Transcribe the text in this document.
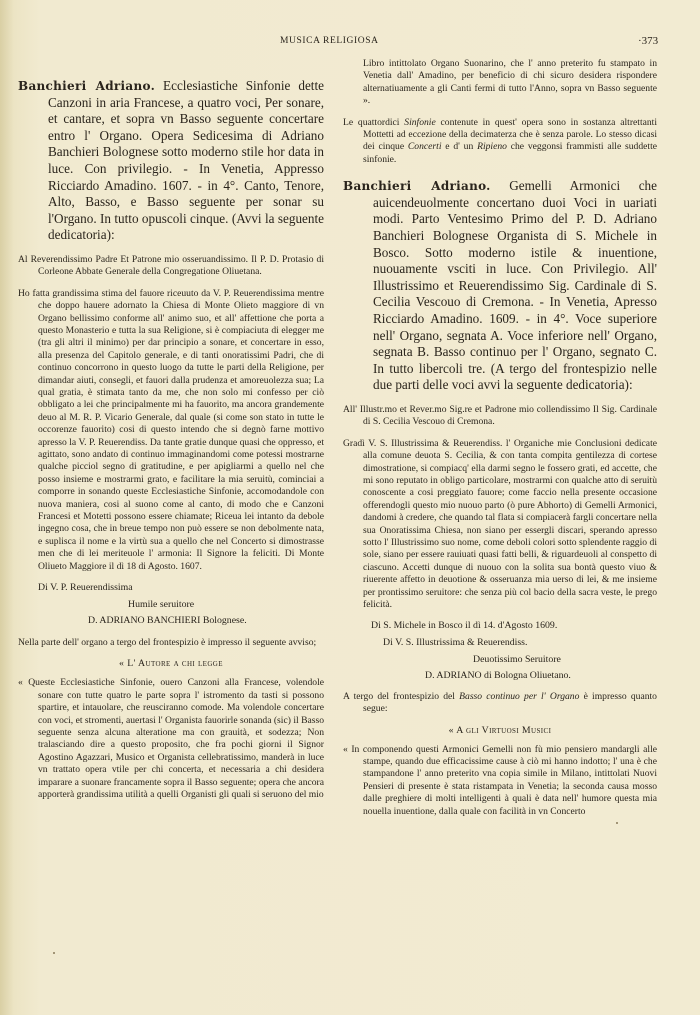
MUSICA RELIGIOSA	·373

Banchieri Adriano. Ecclesiastiche Sinfonie dette Canzoni in aria Francese, a quatro voci, Per sonare, et cantare, et sopra vn Basso seguente concertare entro l' Organo. Opera Sedicesima di Adriano Banchieri Bolognese sotto moderno stile hor data in luce. Con privilegio. - In Venetia, Appresso Ricciardo Amadino. 1607. - in 4°. Canto, Tenore, Alto, Basso, e Basso seguente per sonar su l'Organo. In tutto opuscoli cinque. (Avvi la seguente dedicatoria):

Al Reverendissimo Padre Et Patrone mio osseruandissimo. Il P. D. Protasio di Corleone Abbate Generale della Congregatione Oliuetana.

Ho fatta grandissima stima del fauore riceuuto da V. P. Reuerendissima mentre che doppo hauere adornato la Chiesa di Monte Olieto maggiore di vn Organo bellissimo conforme all' animo suo, et all' affettione che porta a questo Monasterio e tutta la sua Religione, si è compiaciuta di elegger me (tra gli altri il minimo) per dar principio a sonare, et concertare in esso, alla presenza del Capitolo generale, e di tanti onoratissimi Padri, che di continuo concorrono in questo luogo da tutte le parti della Religione, per dimandar aiuti, consegli, et fauori dalla prudenza et amoreuolezza sua; La qual gratia, è stimata tanto da me, che non solo mi confesso per ciò obbligato a lei che principalmente mi ha fauorito, ma ancora grandemente deuo al M. R. P. Vicario Generale, dal quale (si come son stato in tutte le occorenze fauorito) cosi di questo intendo che si degnò farne mottivo apresso la V. P. Reuerendiss. Da tante gratie dunque quasi che oppresso, et agittato, sono andato di continuo immaginandomi come potessi mostrarne qualche picciol segno di gratitudine, e per apigliarmi a quello nel che posso insieme e mostrarmi grato, e facilitare la mia seruitù, cominciai a comporre in sonando queste Ecclesiastiche Sinfonie, accomodandole con nuova maniera, cosi al suono come al canto, di modo che e Canzoni Francesi et Motetti possono essere chiamate; Riceua lei intanto da debole ingegno cosa, che in breue tempo non può essere se non debolmente nata, e suplisca il nome e la virtù sua a quello che nel Concerto si dimostrasse men che di lei meriteuole l' armonia: Il Signore la feliciti. Di Monte Oliueto Maggiore il dì 18 di Agosto. 1607.

Di V. P. Reuerendissima

Humile seruitore

D. ADRIANO BANCHIERI Bolognese.

Nella parte dell' organo a tergo del frontespizio è impresso il seguente avviso;

« L' Autore a chi legge

« Queste Ecclesiastiche Sinfonie, ouero Canzoni alla Francese, volendole sonare con tutte quatro le parte sopra l' istromento da tasti si possono spartire, et intauolare, che reusciranno comode. Ma volendole concertare con voci, et stromenti, auertasi l' Organista fauorirle sonanda (sic) il Basso seguente senza alcuna alteratione ma con grauità, et sodezza; Non tralasciando dire a questo proposito, che fra pochi giorni il Signor Agostino Agazzari, Musico et Organista cellebratissimo, manderà in luce vn trattato opera vtile per chi concerta, et necessaria a chi desidera imparare a suonare francamente sopra il Basso seguente; opera che ancora apporterà grandissima utilità a quelli Organisti gli quali si seruono del mio

Libro intittolato Organo Suonarino, che l' anno preterito fu stampato in Venetia dall' Amadino, per beneficio di chi sicuro desidera rispondere alternatiuamente a gli Canti fermi di tutto l'Anno, sopra vn Basso seguente ».

Le quattordici Sinfonie contenute in quest' opera sono in sostanza altrettanti Mottetti ad eccezione della decimaterza che è senza parole. Lo stesso dicasi dei cinque Concerti e d' un Ripieno che veggonsi frammisti alle suddette sinfonie.

Banchieri Adriano. Gemelli Armonici che auicendeuolmente concertano duoi Voci in uariati modi. Parto Ventesimo Primo del P. D. Adriano Banchieri Bolognese Organista di S. Michele in Bosco. Sotto moderno istile & inuentione, nuouamente vsciti in luce. Con Privilegio. All' Illustrissimo et Reuerendissimo Sig. Cardinale di S. Cecilia Vescouo di Cremona. - In Venetia, Apresso Ricciardo Amadino. 1609. - in 4°. Voce superiore nell' Organo, segnata A. Voce inferiore nell' Organo, segnata B. Basso continuo per l' Organo, segnato C. In tutto libercoli tre. (A tergo del frontespizio nelle due parti delle voci avvi la seguente dedicatoria):

All' Illustr.mo et Rever.mo Sig.re et Padrone mio collendissimo Il Sig. Cardinale di S. Cecilia Vescouo di Cremona.

Gradì V. S. Illustrissima & Reuerendiss. l' Organiche mie Conclusioni dedicate alla comune deuota S. Cecilia, & con tanta compita gentilezza di cortese dimostratione, si compiacq' ella darmi segno le fossero grati, ed accette, che mi sono reputato in obligo particolare, mostrarmi con qualche atto di seruitù conoscente a cosi preggiato fauore; come faccio nella presente occasione offerendogli questo mio nuouo parto (ò pure Abhorto) di Gemelli Armonici, dandomi à credere, che quando tal flata si compiacerà fargli concertare nella sua Onoratissima Chiesa, non siano per essergli discari, sperando apresso sotto l' Illustrissimo suo nome, come deboli colori sotto splendente raggio di sole, siano per essere rauiuati quasi fatti belli, & riguardeuoli al conspetto di ciascuno. Accetti dunque di nuouo con la solita sua bontà questo viuo & riuerente affetto in deuotione & osseruanza mia uerso di lei, & me insieme per prontissimo seruitore: che senza più col bacio della sacra veste, le prego felicità.

Di S. Michele in Bosco il dì 14. d'Agosto 1609.

Di V. S. Illustrissima & Reuerendiss.

Deuotissimo Seruitore

D. ADRIANO di Bologna Oliuetano.

A tergo del frontespizio del Basso continuo per l' Organo è impresso quanto segue:

« A gli Virtuosi Musici

« In componendo questi Armonici Gemelli non fù mio pensiero mandargli alle stampe, quando due efficacissime cause à ciò mi hanno indotto; l' una è che stampandone l' anno preterito vna copia simile in Milano, intittolati Nuovi Pensieri di presente è stata ristampata in Venetia; la seconda causa mosso dalle preghiere di molti intelligenti à quali è data nell' humore questa mia nouella inuentione, dalla quale con facilità in vn Concerto
